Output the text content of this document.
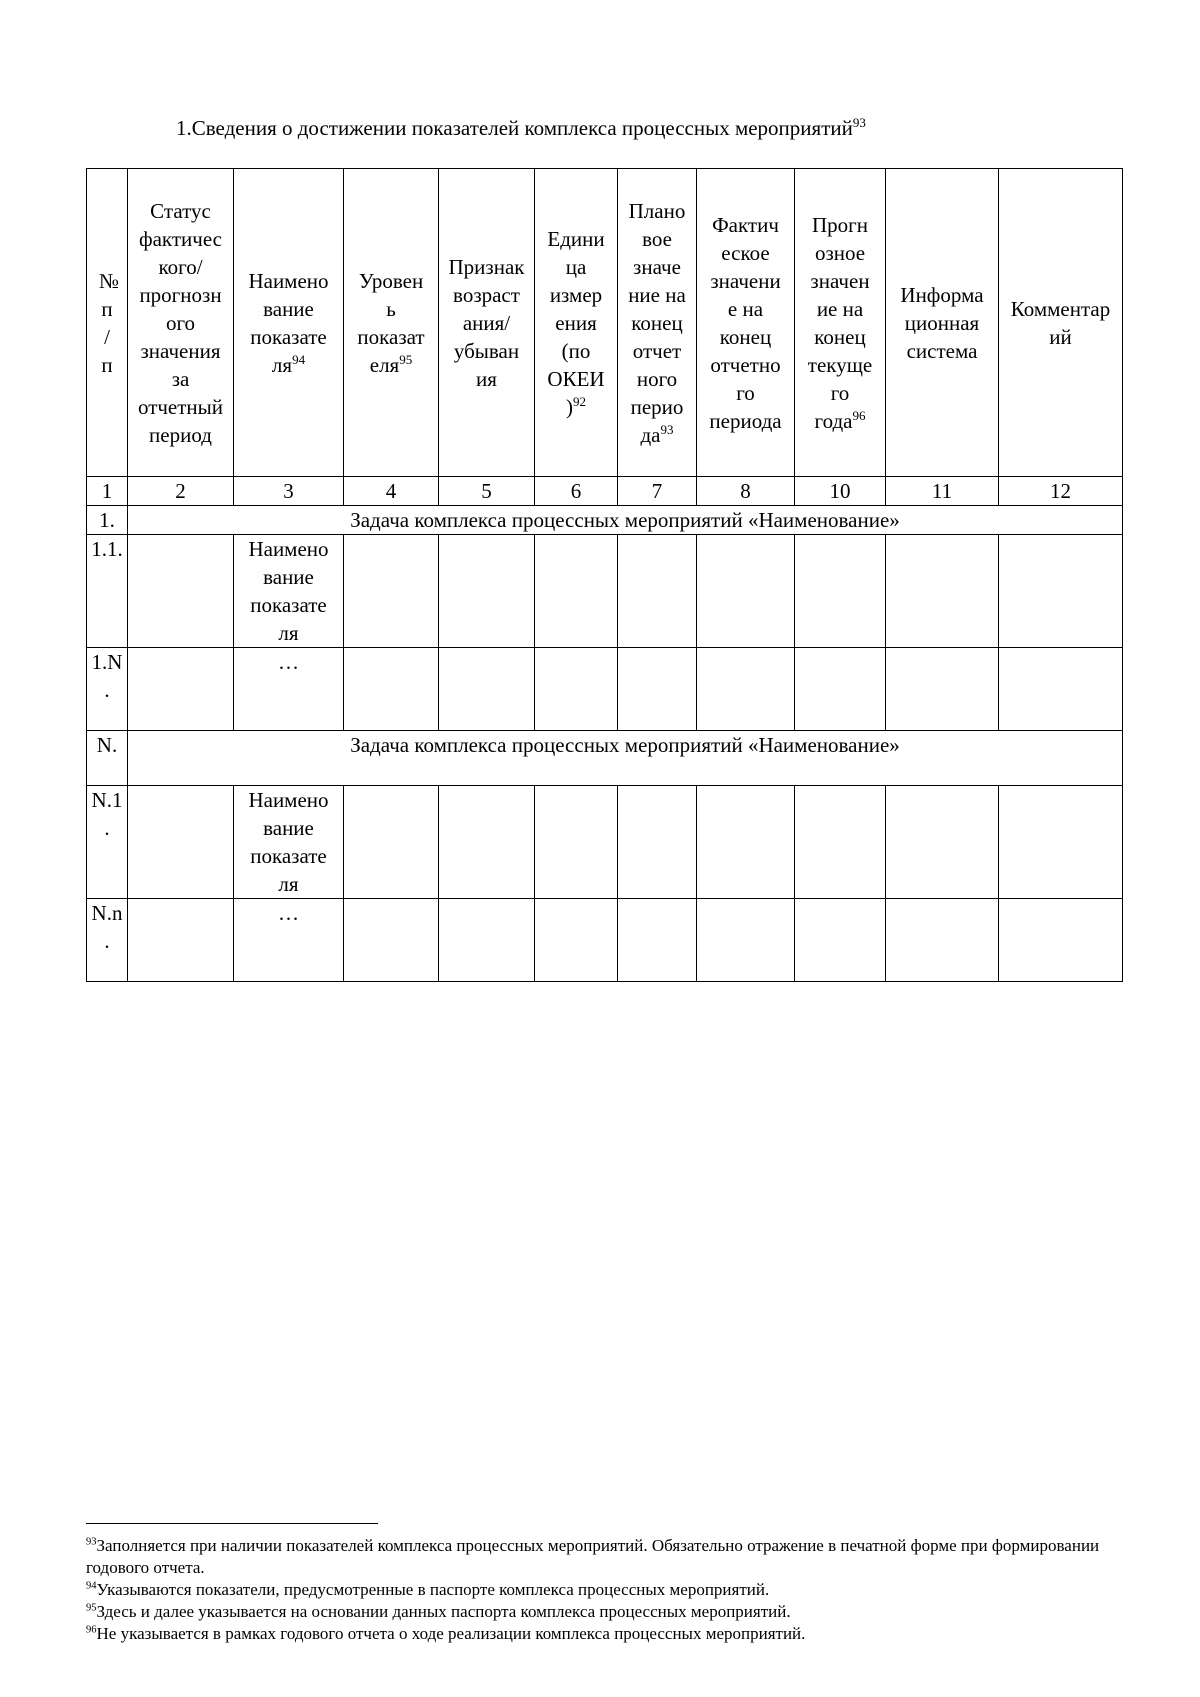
1.Сведения о достижении показателей комплекса процессных мероприятий$^{93}$
№ п / п	Статус фактического/ прогнозного значения за отчетный период	Наименование показателя$^{94}$	Уровень показателя$^{95}$	Признак возрастания/ убывания	Единица измерения (по ОКЕИ)$^{92}$	Плановое значение на конец отчетного периода$^{93}$	Фактическое значение на конец отчетного периода	Прогнозное значение на конец текущего года$^{96}$	Информационная система	Комментарий

1	2	3	4	5	6	7	8	10	11	12

1.	Задача комплекса процессных мероприятий «Наименование»									

1.1.		Наименование показателя								

1.N.		…								

N.	Задача комплекса процессных мероприятий «Наименование»									

N.1.		Наименование показателя								

N.n.		…								

$^{93}$Заполняется при наличии показателей комплекса процессных мероприятий. Обязательно отражение в печатной форме при формировании годового отчета.

$^{94}$Указываются показатели, предусмотренные в паспорте комплекса процессных мероприятий.

$^{95}$Здесь и далее указывается на основании данных паспорта комплекса процессных мероприятий.

$^{96}$Не указывается в рамках годового отчета о ходе реализации комплекса процессных мероприятий.
